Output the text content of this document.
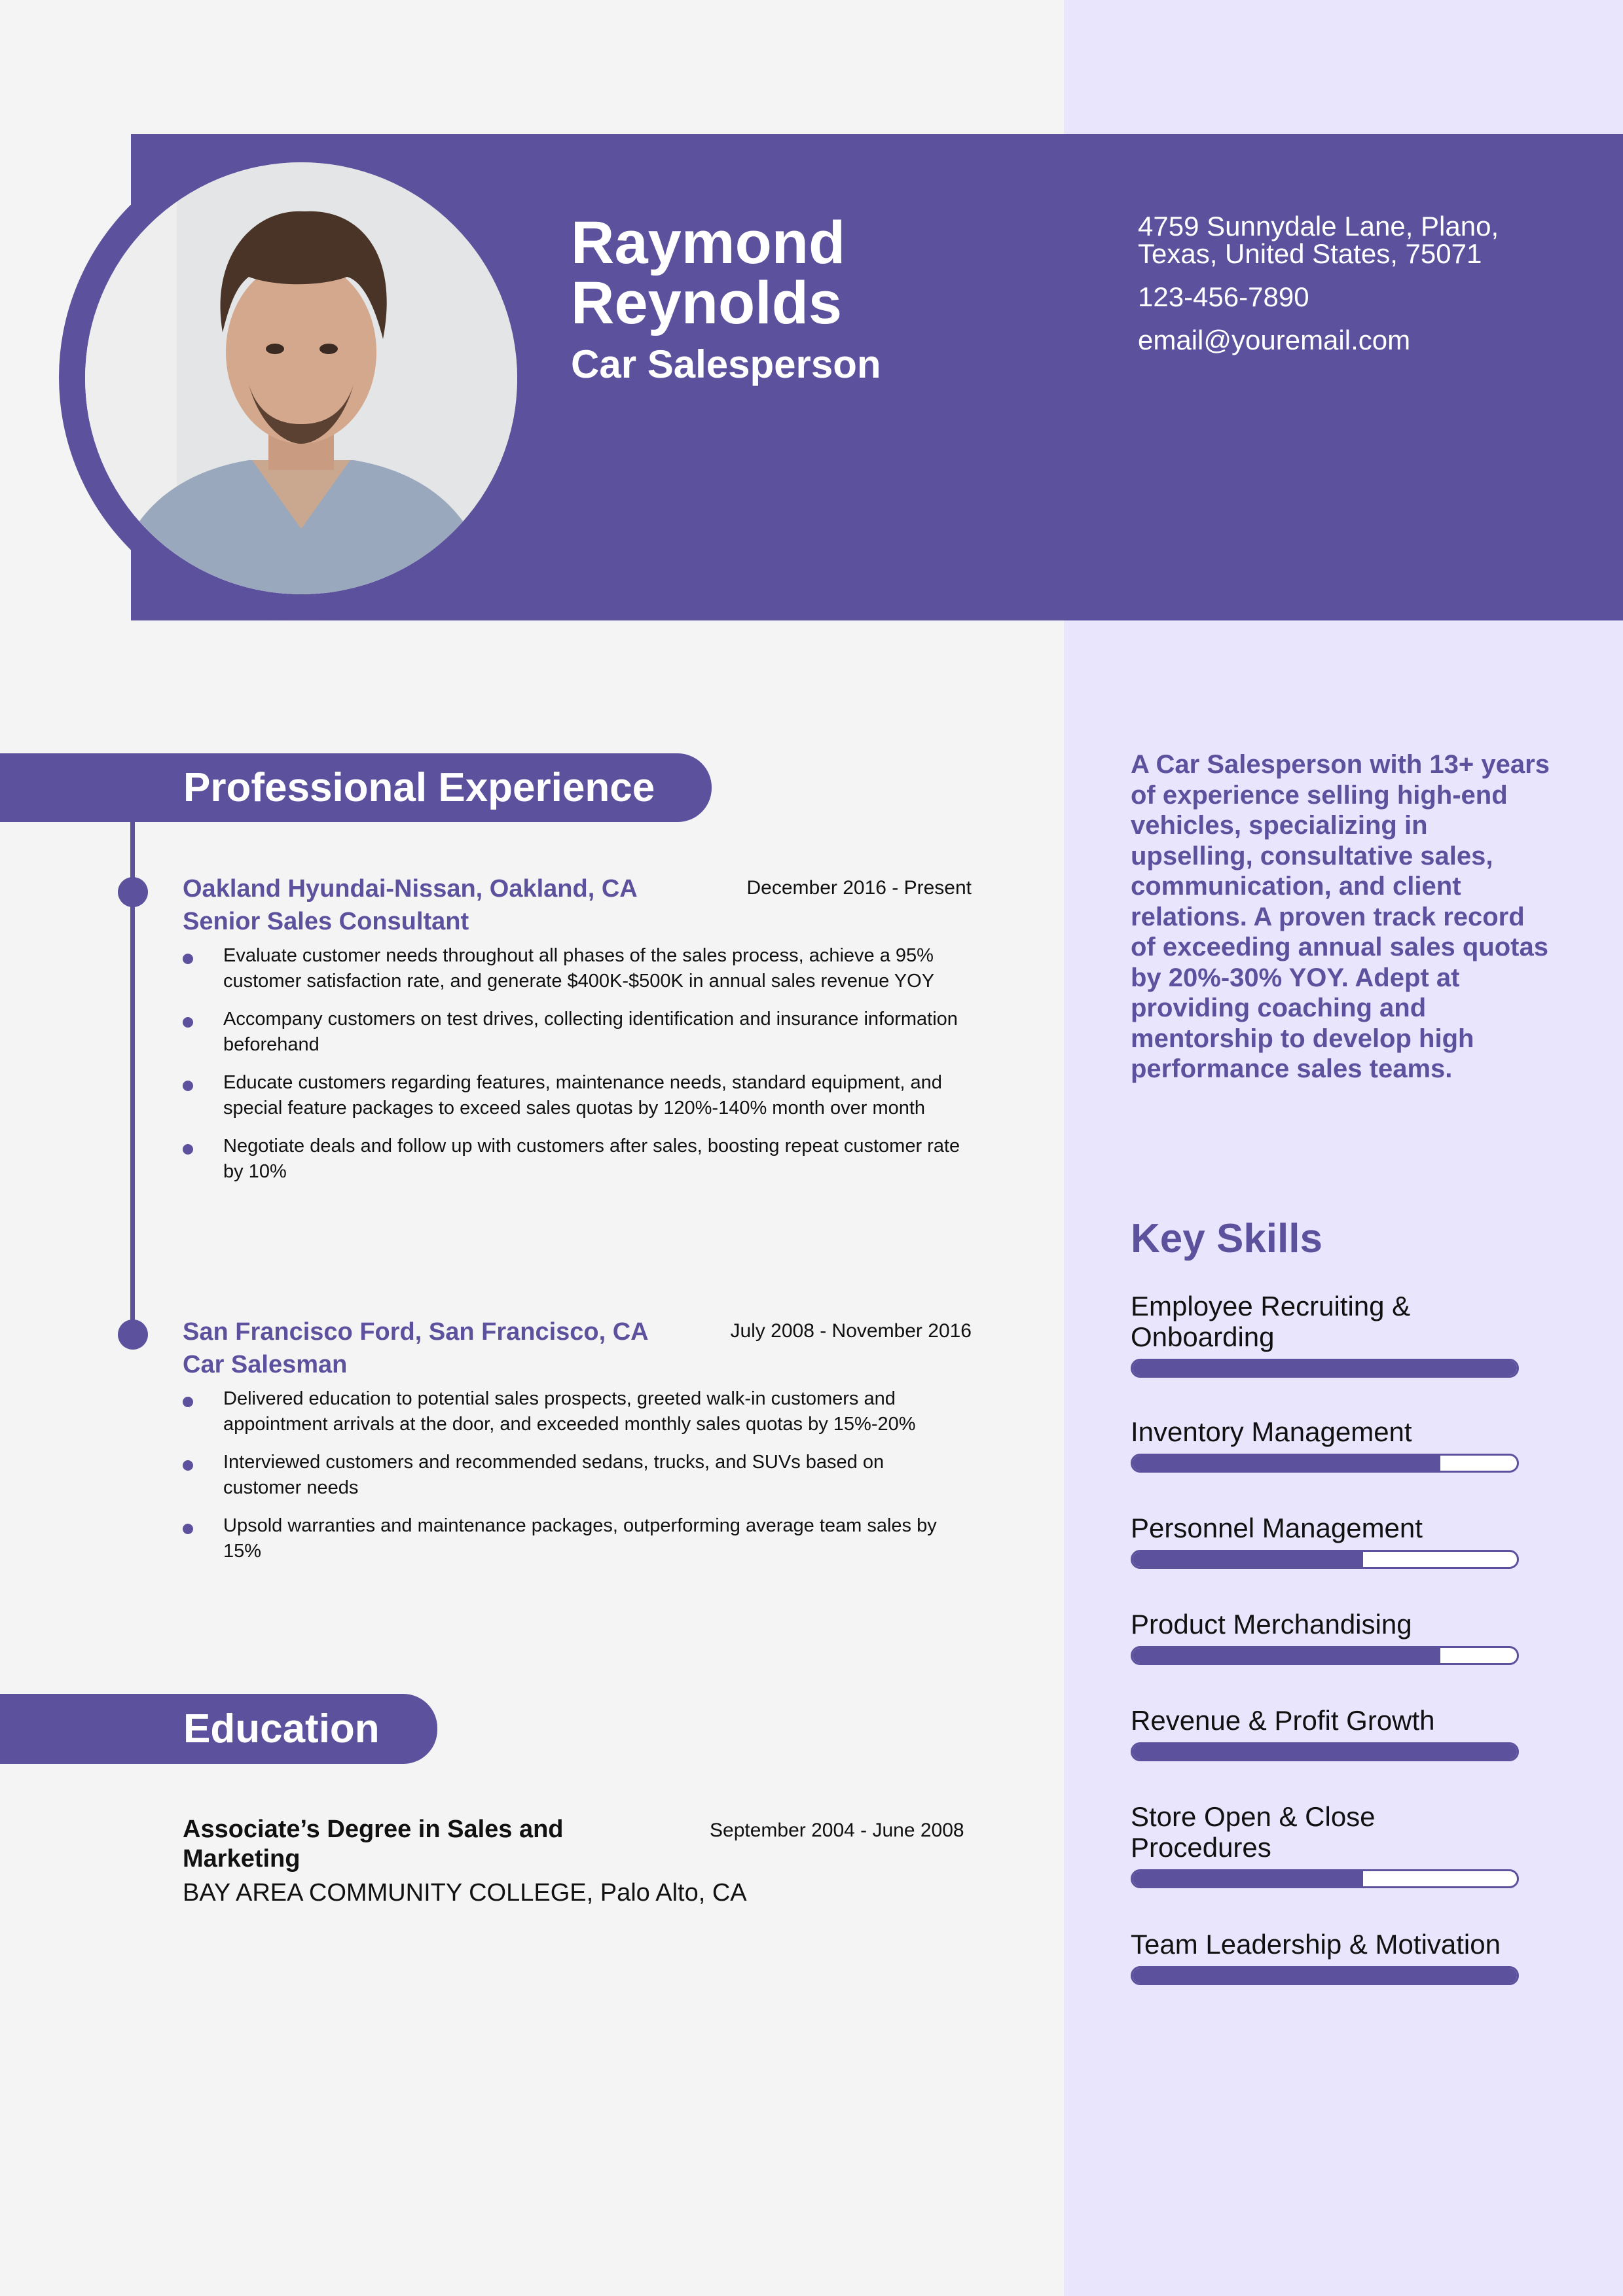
Raymond
Reynolds
Car Salesperson
4759 Sunnydale Lane, Plano, Texas, United States, 75071
123-456-7890
email@youremail.com
Professional Experience
Oakland Hyundai-Nissan, Oakland, CA	December 2016 - Present
Senior Sales Consultant
Evaluate customer needs throughout all phases of the sales process, achieve a 95% customer satisfaction rate, and generate $400K-$500K in annual sales revenue YOY
Accompany customers on test drives, collecting identification and insurance information beforehand
Educate customers regarding features, maintenance needs, standard equipment, and special feature packages to exceed sales quotas by 120%-140% month over month
Negotiate deals and follow up with customers after sales, boosting repeat customer rate by 10%
San Francisco Ford, San Francisco, CA	July 2008 - November 2016
Car Salesman
Delivered education to potential sales prospects, greeted walk-in customers and appointment arrivals at the door, and exceeded monthly sales quotas by 15%-20%
Interviewed customers and recommended sedans, trucks, and SUVs based on customer needs
Upsold warranties and maintenance packages, outperforming average team sales by 15%
Education
Associate’s Degree in Sales and Marketing
September 2004 - June 2008
BAY AREA COMMUNITY COLLEGE, Palo Alto, CA
A Car Salesperson with 13+ years of experience selling high-end vehicles, specializing in upselling, consultative sales, communication, and client relations. A proven track record of exceeding annual sales quotas by 20%-30% YOY. Adept at providing coaching and mentorship to develop high performance sales teams.
Key Skills
Employee Recruiting & Onboarding
Inventory Management
Personnel Management
Product Merchandising
Revenue & Profit Growth
Store Open & Close Procedures
Team Leadership & Motivation
